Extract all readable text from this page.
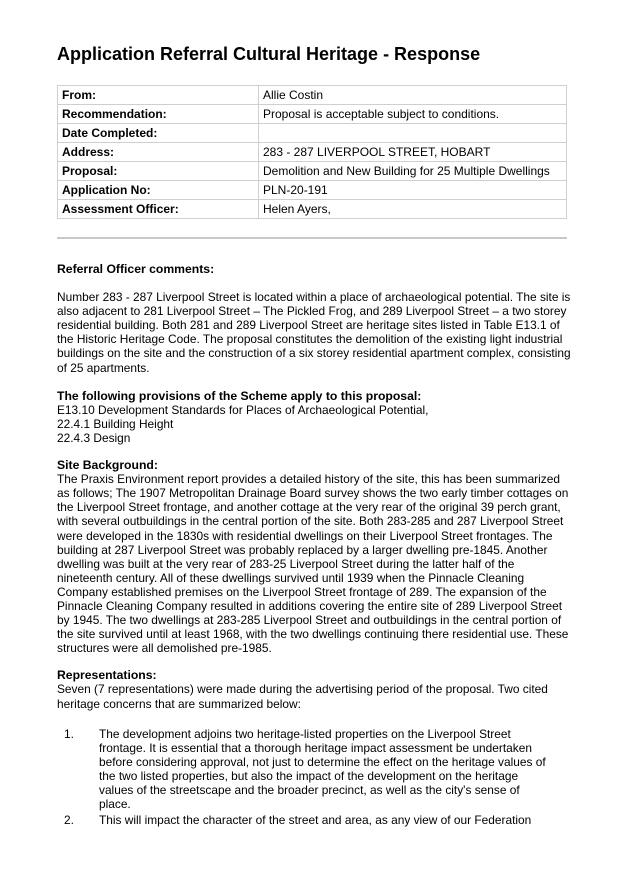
Application Referral Cultural Heritage - Response
From:	Allie Costin
Recommendation:	Proposal is acceptable subject to conditions.
Date Completed:	
Address:	283 - 287 LIVERPOOL STREET, HOBART
Proposal:	Demolition and New Building for 25 Multiple Dwellings
Application No:	PLN-20-191
Assessment Officer:	Helen Ayers,

Referral Officer comments:

Number 283 - 287 Liverpool Street is located within a place of archaeological potential. The site is also adjacent to 281 Liverpool Street – The Pickled Frog, and 289 Liverpool Street – a two storey residential building. Both 281 and 289 Liverpool Street are heritage sites listed in Table E13.1 of the Historic Heritage Code. The proposal constitutes the demolition of the existing light industrial buildings on the site and the construction of a six storey residential apartment complex, consisting of 25 apartments.

The following provisions of the Scheme apply to this proposal:

E13.10 Development Standards for Places of Archaeological Potential,

22.4.1 Building Height

22.4.3 Design

Site Background:

The Praxis Environment report provides a detailed history of the site, this has been summarized as follows; The 1907 Metropolitan Drainage Board survey shows the two early timber cottages on the Liverpool Street frontage, and another cottage at the very rear of the original 39 perch grant, with several outbuildings in the central portion of the site. Both 283-285 and 287 Liverpool Street were developed in the 1830s with residential dwellings on their Liverpool Street frontages. The building at 287 Liverpool Street was probably replaced by a larger dwelling pre-1845. Another dwelling was built at the very rear of 283-25 Liverpool Street during the latter half of the nineteenth century. All of these dwellings survived until 1939 when the Pinnacle Cleaning Company established premises on the Liverpool Street frontage of 289. The expansion of the Pinnacle Cleaning Company resulted in additions covering the entire site of 289 Liverpool Street by 1945. The two dwellings at 283-285 Liverpool Street and outbuildings in the central portion of the site survived until at least 1968, with the two dwellings continuing there residential use. These structures were all demolished pre-1985.

Representations:

Seven (7 representations) were made during the advertising period of the proposal. Two cited heritage concerns that are summarized below:

1.	The development adjoins two heritage-listed properties on the Liverpool Street frontage. It is essential that a thorough heritage impact assessment be undertaken before considering approval, not just to determine the effect on the heritage values of the two listed properties, but also the impact of the development on the heritage values of the streetscape and the broader precinct, as well as the city's sense of place.
2.	This will impact the character of the street and area, as any view of our Federation
